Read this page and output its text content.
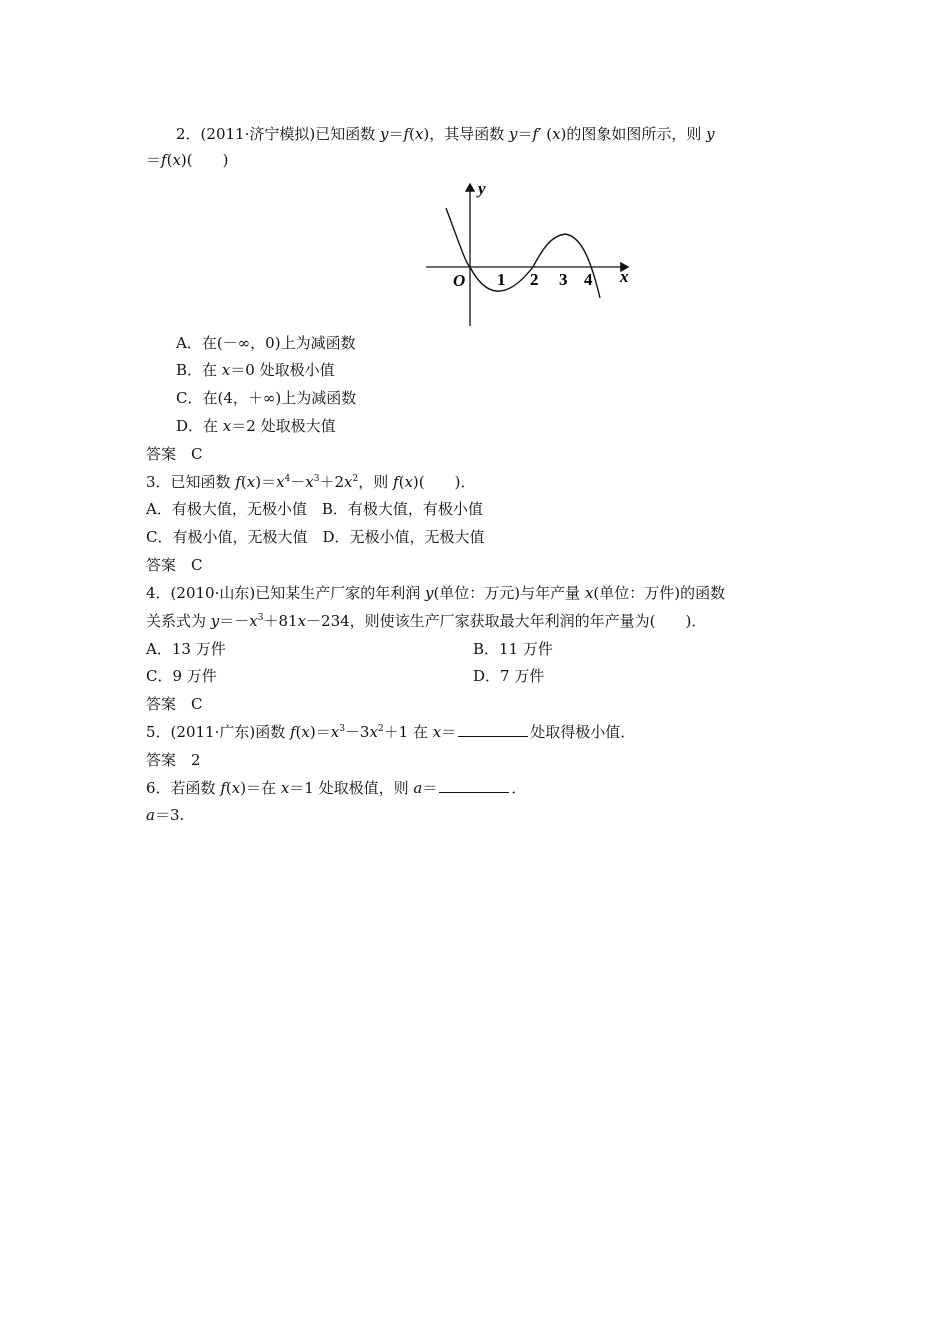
2．(2011·济宁模拟)已知函数 y＝f(x)，其导函数 y＝f′ (x)的图象如图所示，则 y
＝f(x)(　　)
O
y
x
1 2 3 4
A．在(－∞，0)上为减函数
B．在 x＝0 处取极小值
C．在(4，＋∞)上为减函数
D．在 x＝2 处取极大值
答案　C
3．已知函数 $f(x)=x^4-x^3+2x^2$，则 f(x)(　　)．
A．有极大值，无极小值　B．有极大值，有极小值
C．有极小值，无极大值　D．无极小值，无极大值
答案　C
4．(2010·山东)已知某生产厂家的年利润 y(单位：万元)与年产量 x(单位：万件)的函数
关系式为 $y=-x^3+81x-234$，则使该生产厂家获取最大年利润的年产量为(　　)．
A．13 万件	B．11 万件
C．9 万件	D．7 万件
答案　C
5．(2011·广东)函数 $f(x)=x^3-3x^2+1$ 在 x＝	处取得极小值．
答案　2
6．若函数 f(x)＝在 x＝1 处取极值，则 a＝	．
a＝3.
